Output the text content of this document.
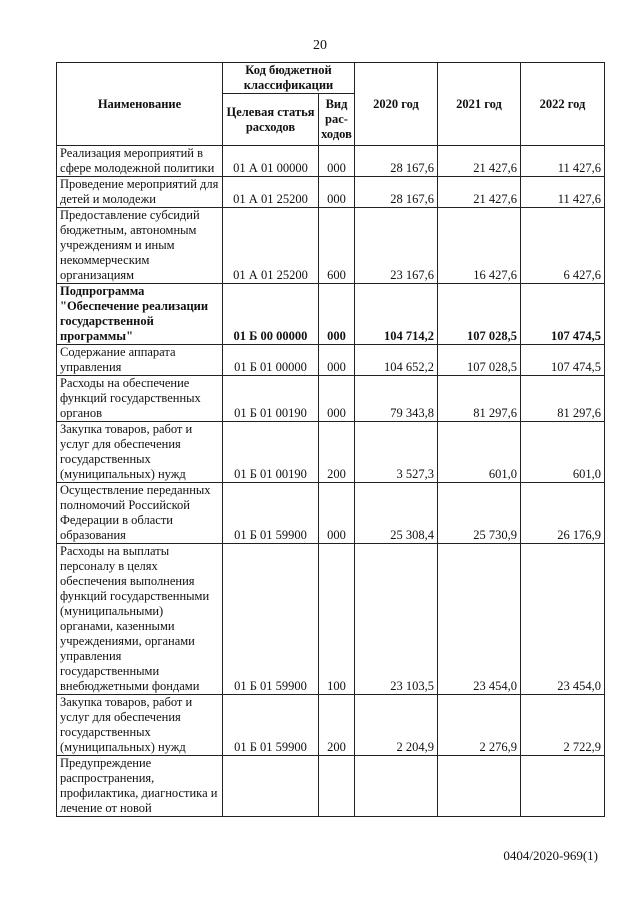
20
Наименование	Код бюджетной классификации		2020 год	2021 год	2022 год
	Целевая статья расходов	Вид рас- ходов			
Реализация мероприятий в сфере молодежной политики	01 А 01 00000	000	28 167,6	21 427,6	11 427,6
Проведение мероприятий для детей и молодежи	01 А 01 25200	000	28 167,6	21 427,6	11 427,6
Предоставление субсидий бюджетным, автономным учреждениям и иным некоммерческим организациям	01 А 01 25200	600	23 167,6	16 427,6	6 427,6
Подпрограмма "Обеспечение реализации государственной программы"	01 Б 00 00000	000	104 714,2	107 028,5	107 474,5
Содержание аппарата управления	01 Б 01 00000	000	104 652,2	107 028,5	107 474,5
Расходы на обеспечение функций государственных органов	01 Б 01 00190	000	79 343,8	81 297,6	81 297,6
Закупка товаров, работ и услуг для обеспечения государственных (муниципальных) нужд	01 Б 01 00190	200	3 527,3	601,0	601,0
Осуществление переданных полномочий Российской Федерации в области образования	01 Б 01 59900	000	25 308,4	25 730,9	26 176,9
Расходы на выплаты персоналу в целях обеспечения выполнения функций государственными (муниципальными) органами, казенными учреждениями, органами управления государственными внебюджетными фондами	01 Б 01 59900	100	23 103,5	23 454,0	23 454,0
Закупка товаров, работ и услуг для обеспечения государственных (муниципальных) нужд	01 Б 01 59900	200	2 204,9	2 276,9	2 722,9
Предупреждение распространения, профилактика, диагностика и лечение от новой					
0404/2020-969(1)
